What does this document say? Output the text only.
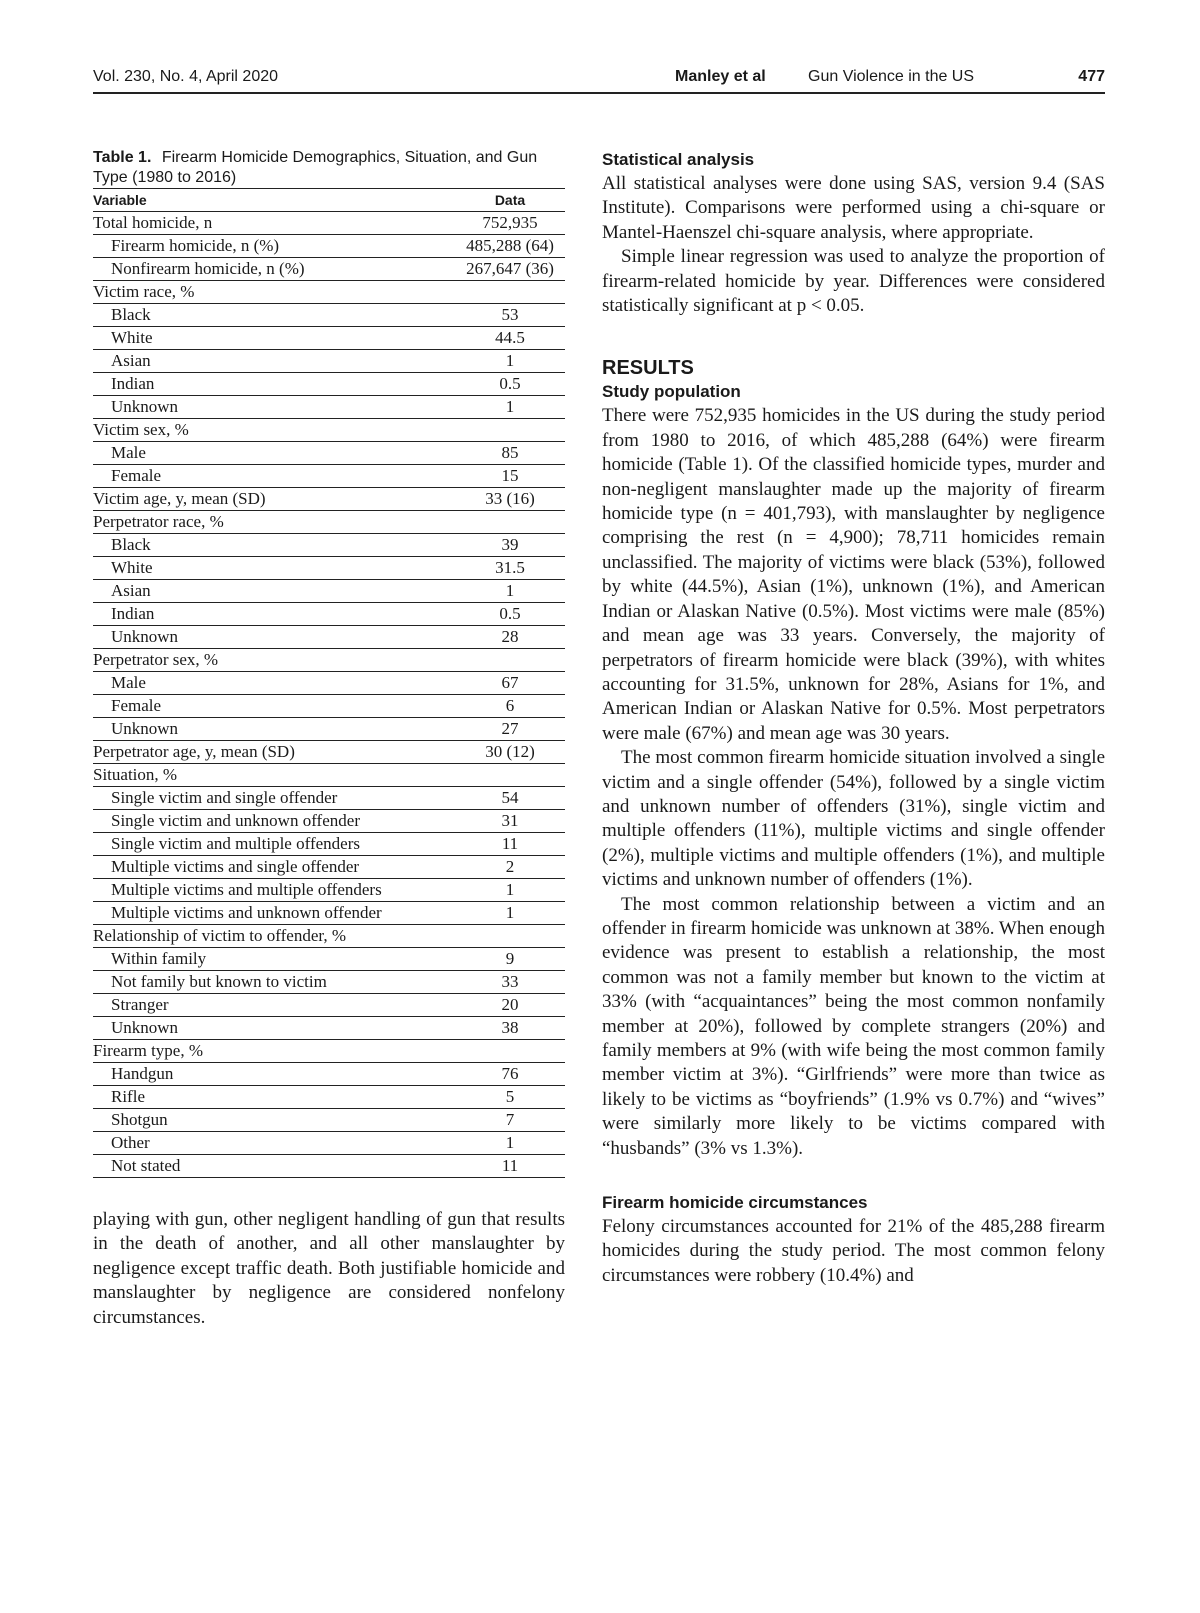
Vol. 230, No. 4, April 2020	Manley et al	Gun Violence in the US	477
Table 1. Firearm Homicide Demographics, Situation, and Gun Type (1980 to 2016)
Variable	Data
Total homicide, n	752,935
Firearm homicide, n (%)	485,288 (64)
Nonfirearm homicide, n (%)	267,647 (36)
Victim race, %	
Black	53
White	44.5
Asian	1
Indian	0.5
Unknown	1
Victim sex, %	
Male	85
Female	15
Victim age, y, mean (SD)	33 (16)
Perpetrator race, %	
Black	39
White	31.5
Asian	1
Indian	0.5
Unknown	28
Perpetrator sex, %	
Male	67
Female	6
Unknown	27
Perpetrator age, y, mean (SD)	30 (12)
Situation, %	
Single victim and single offender	54
Single victim and unknown offender	31
Single victim and multiple offenders	11
Multiple victims and single offender	2
Multiple victims and multiple offenders	1
Multiple victims and unknown offender	1
Relationship of victim to offender, %	
Within family	9
Not family but known to victim	33
Stranger	20
Unknown	38
Firearm type, %	
Handgun	76
Rifle	5
Shotgun	7
Other	1
Not stated	11

playing with gun, other negligent handling of gun that results in the death of another, and all other manslaughter by negligence except traffic death. Both justifiable homicide and manslaughter by negligence are considered nonfelony circumstances.

Statistical analysis

All statistical analyses were done using SAS, version 9.4 (SAS Institute). Comparisons were performed using a chi-square or Mantel-Haenszel chi-square analysis, where appropriate.

Simple linear regression was used to analyze the proportion of firearm-related homicide by year. Differences were considered statistically significant at p < 0.05.

RESULTS
Study population

There were 752,935 homicides in the US during the study period from 1980 to 2016, of which 485,288 (64%) were firearm homicide (Table 1). Of the classified homicide types, murder and non-negligent manslaughter made up the majority of firearm homicide type (n = 401,793), with manslaughter by negligence comprising the rest (n = 4,900); 78,711 homicides remain unclassified. The majority of victims were black (53%), followed by white (44.5%), Asian (1%), unknown (1%), and American Indian or Alaskan Native (0.5%). Most victims were male (85%) and mean age was 33 years. Conversely, the majority of perpetrators of firearm homicide were black (39%), with whites accounting for 31.5%, unknown for 28%, Asians for 1%, and American Indian or Alaskan Native for 0.5%. Most perpetrators were male (67%) and mean age was 30 years.

The most common firearm homicide situation involved a single victim and a single offender (54%), followed by a single victim and unknown number of offenders (31%), single victim and multiple offenders (11%), multiple victims and single offender (2%), multiple victims and multiple offenders (1%), and multiple victims and unknown number of offenders (1%).

The most common relationship between a victim and an offender in firearm homicide was unknown at 38%. When enough evidence was present to establish a relationship, the most common was not a family member but known to the victim at 33% (with “acquaintances” being the most common nonfamily member at 20%), followed by complete strangers (20%) and family members at 9% (with wife being the most common family member victim at 3%). “Girlfriends” were more than twice as likely to be victims as “boyfriends” (1.9% vs 0.7%) and “wives” were similarly more likely to be victims compared with “husbands” (3% vs 1.3%).

Firearm homicide circumstances

Felony circumstances accounted for 21% of the 485,288 firearm homicides during the study period. The most common felony circumstances were robbery (10.4%) and
